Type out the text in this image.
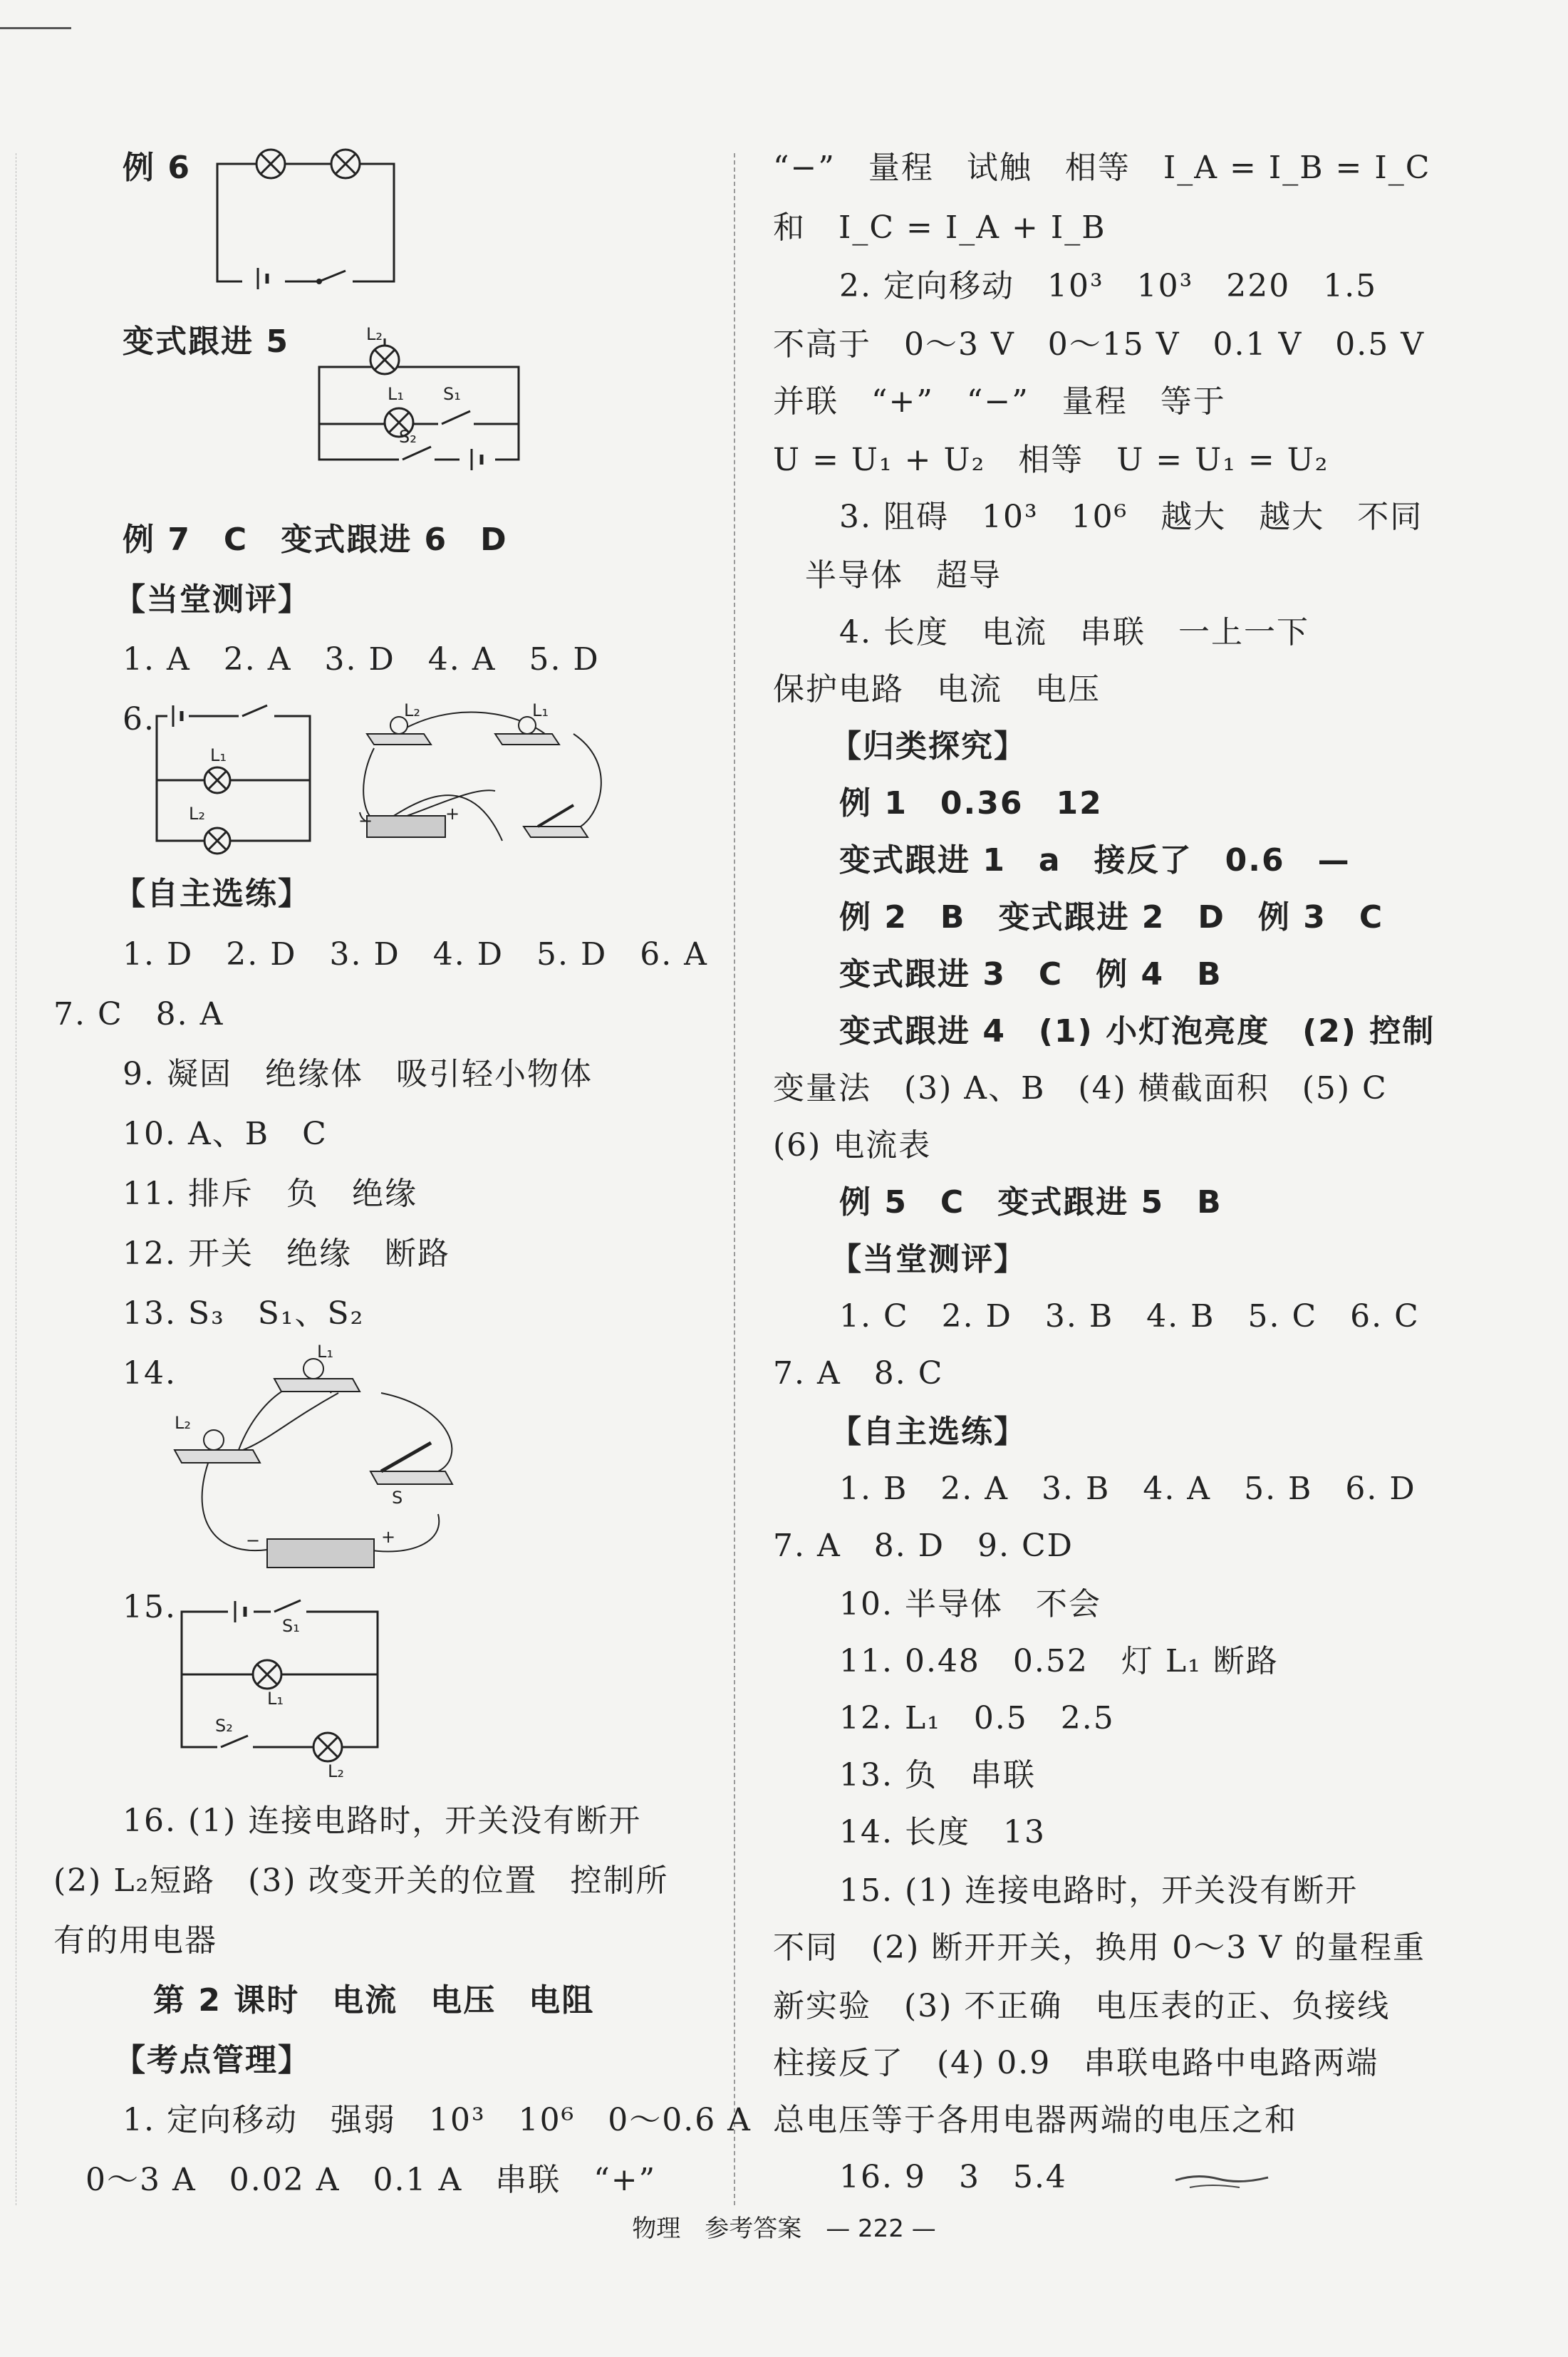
例 6
变式跟进 5	L₂
L₁ S₁
S₂
例 7　C　变式跟进 6　D
【当堂测评】
1. A　2. A　3. D　4. A　5. D
6.
L₁
L₂
L₂	L₁
−	+
【自主选练】
1. D　2. D　3. D　4. D　5. D　6. A
7. C　8. A
9. 凝固　绝缘体　吸引轻小物体
10. A、B　C
11. 排斥　负　绝缘
12. 开关　绝缘　断路
13. S₃　S₁、S₂
14.
L₁
L₂
S
−	+
15.
S₁
L₁
S₂
L₂
16. (1) 连接电路时，开关没有断开
(2) L₂短路　(3) 改变开关的位置　控制所
有的用电器
第 2 课时　电流　电压　电阻
【考点管理】
1. 定向移动　强弱　10³　10⁶　0～0.6 A
0～3 A　0.02 A　0.1 A　串联　“+”
“−”　量程　试触　相等　I_A = I_B = I_C
和　I_C = I_A + I_B
2. 定向移动　10³　10³　220　1.5
不高于　0～3 V　0～15 V　0.1 V　0.5 V
并联　“+”　“−”　量程　等于
U = U₁ + U₂　相等　U = U₁ = U₂
3. 阻碍　10³　10⁶　越大　越大　不同
半导体　超导
4. 长度　电流　串联　一上一下
保护电路　电流　电压
【归类探究】
例 1　0.36　12
变式跟进 1　a　接反了　0.6　—
例 2　B　变式跟进 2　D　例 3　C
变式跟进 3　C　例 4　B
变式跟进 4　(1) 小灯泡亮度　(2) 控制
变量法　(3) A、B　(4) 横截面积　(5) C
(6) 电流表
例 5　C　变式跟进 5　B
【当堂测评】
1. C　2. D　3. B　4. B　5. C　6. C
7. A　8. C
【自主选练】
1. B　2. A　3. B　4. A　5. B　6. D
7. A　8. D　9. CD
10. 半导体　不会
11. 0.48　0.52　灯 L₁ 断路
12. L₁　0.5　2.5
13. 负　串联
14. 长度　13
15. (1) 连接电路时，开关没有断开
不同　(2) 断开开关，换用 0～3 V 的量程重
新实验　(3) 不正确　电压表的正、负接线
柱接反了　(4) 0.9　串联电路中电路两端
总电压等于各用电器两端的电压之和
16. 9　3　5.4
物理　参考答案　— 222 —
